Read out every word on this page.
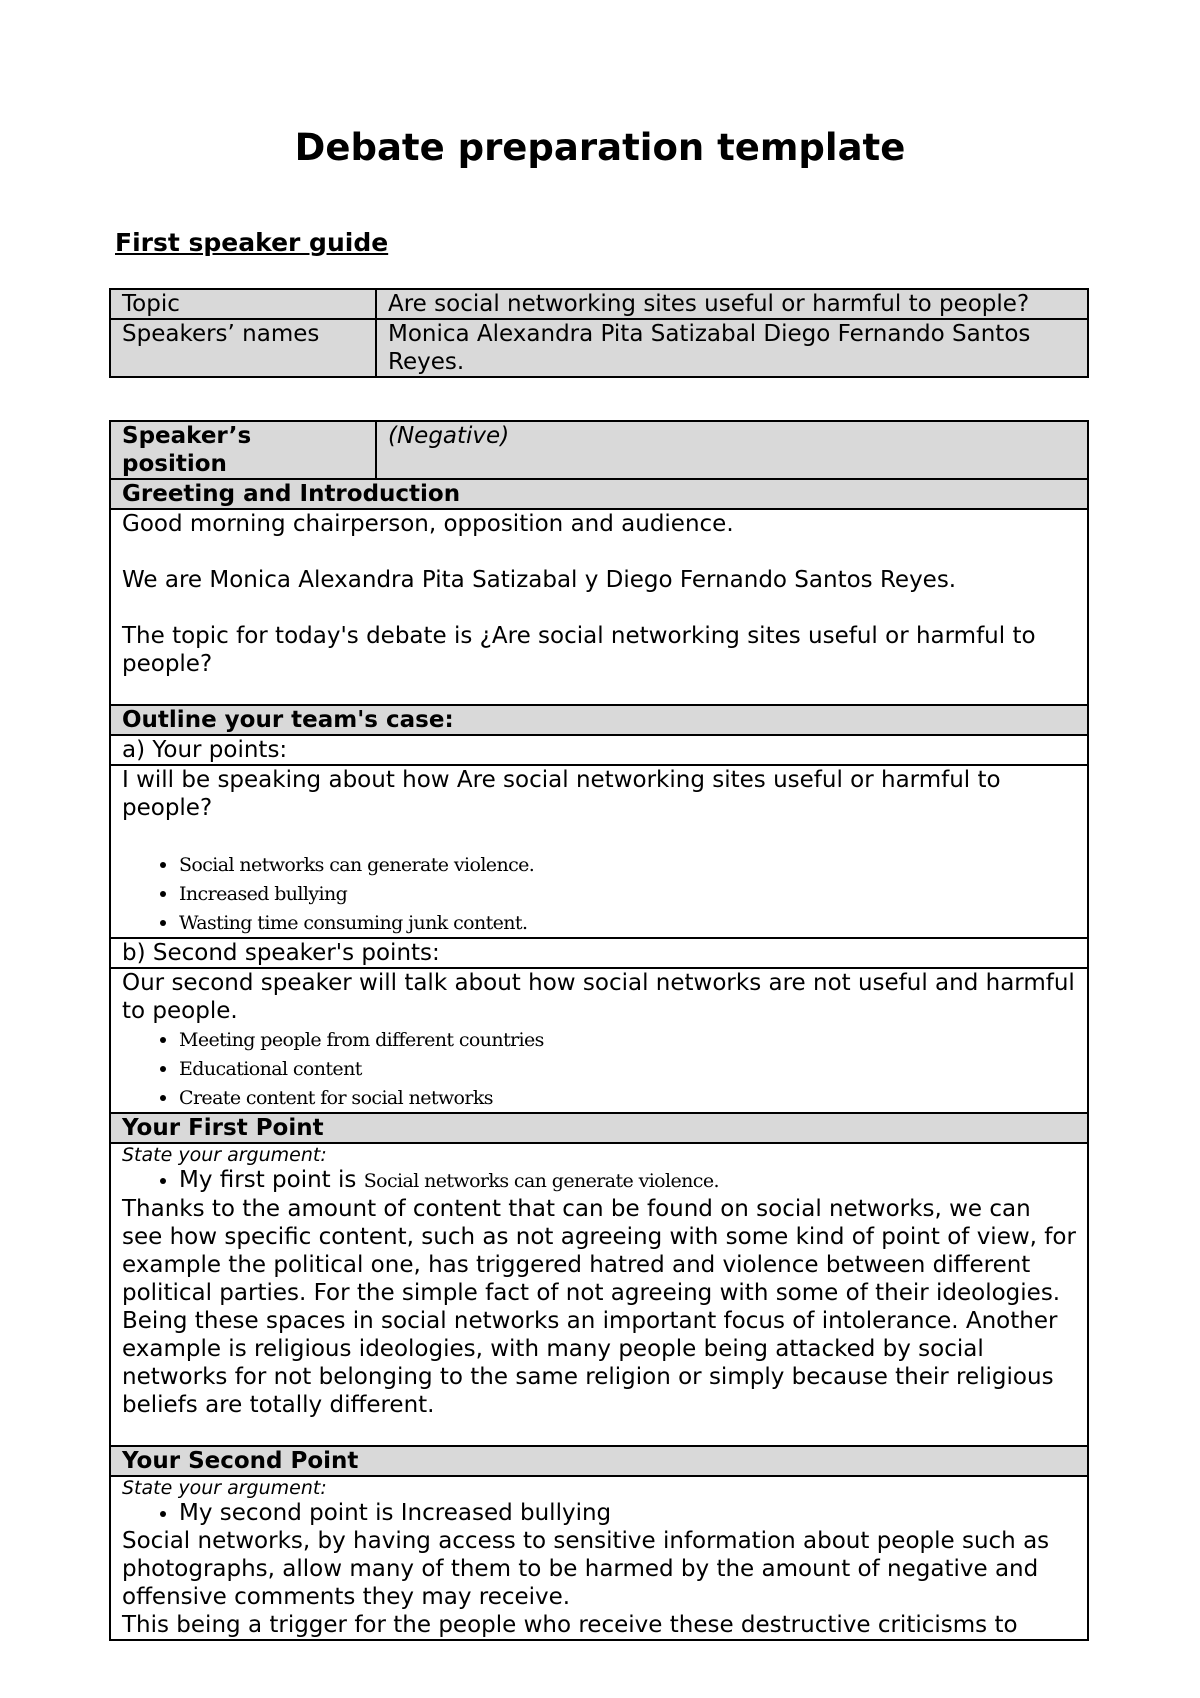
Debate preparation template
First speaker guide
Topic	Are social networking sites useful or harmful to people?
Speakers’ names	Monica Alexandra Pita Satizabal Diego Fernando Santos Reyes.
Speaker’s position	(Negative)
Greeting and Introduction

Good morning chairperson, opposition and audience.

We are Monica Alexandra Pita Satizabal y Diego Fernando Santos Reyes.

The topic for today's debate is ¿Are social networking sites useful or harmful to people?

Outline your team's case:
a) Your points:

I will be speaking about how Are social networking sites useful or harmful to people?

• Social networks can generate violence.
• Increased bullying
• Wasting time consuming junk content.

b) Second speaker's points:

Our second speaker will talk about how social networks are not useful and harmful to people.

• Meeting people from different countries
• Educational content
• Create content for social networks

Your First Point

State your argument:

• My first point is Social networks can generate violence.

Thanks to the amount of content that can be found on social networks, we can see how specific content, such as not agreeing with some kind of point of view, for example the political one, has triggered hatred and violence between different political parties. For the simple fact of not agreeing with some of their ideologies. Being these spaces in social networks an important focus of intolerance. Another example is religious ideologies, with many people being attacked by social networks for not belonging to the same religion or simply because their religious beliefs are totally different.

Your Second Point

State your argument:

• My second point is Increased bullying

Social networks, by having access to sensitive information about people such as photographs, allow many of them to be harmed by the amount of negative and offensive comments they may receive.

This being a trigger for the people who receive these destructive criticisms to
